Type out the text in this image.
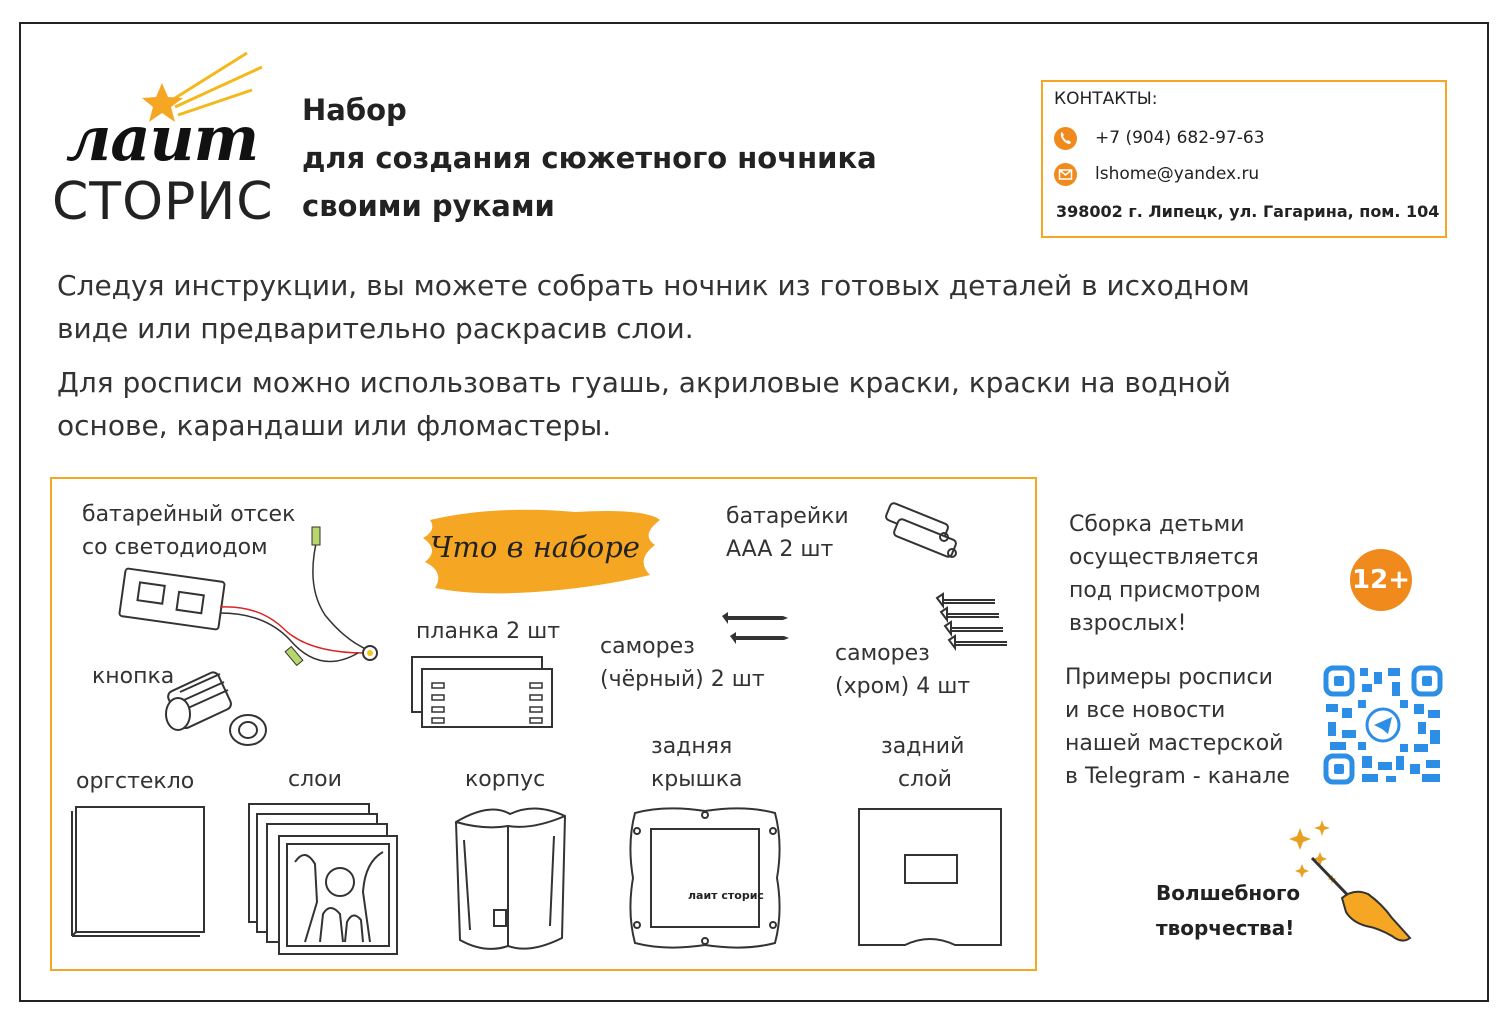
лаит
СТОРИС
Набор
для создания сюжетного ночника
своими руками
КОНТАКТЫ:
+7 (904) 682-97-63
lshome@yandex.ru
398002 г. Липецк, ул. Гагарина, пом. 104
Следуя инструкции, вы можете собрать ночник из готовых деталей в исходном
виде или предварительно раскрасив слои.
Для росписи можно использовать гуашь, акриловые краски, краски на водной
основе, карандаши или фломастеры.
Что в наборе
батарейный отсек
со светодиодом
кнопка
планка 2 шт
саморез
(чёрный) 2 шт
батарейки
AAA 2 шт
саморез
(хром) 4 шт
оргстекло	слои	корпус
задняя
крышка
задний
слой
лаит сторис
Сборка детьми
осуществляется
под присмотром
взрослых!
12+
Примеры росписи
и все новости
нашей мастерской
в Telegram - канале
Волшебного
творчества!
